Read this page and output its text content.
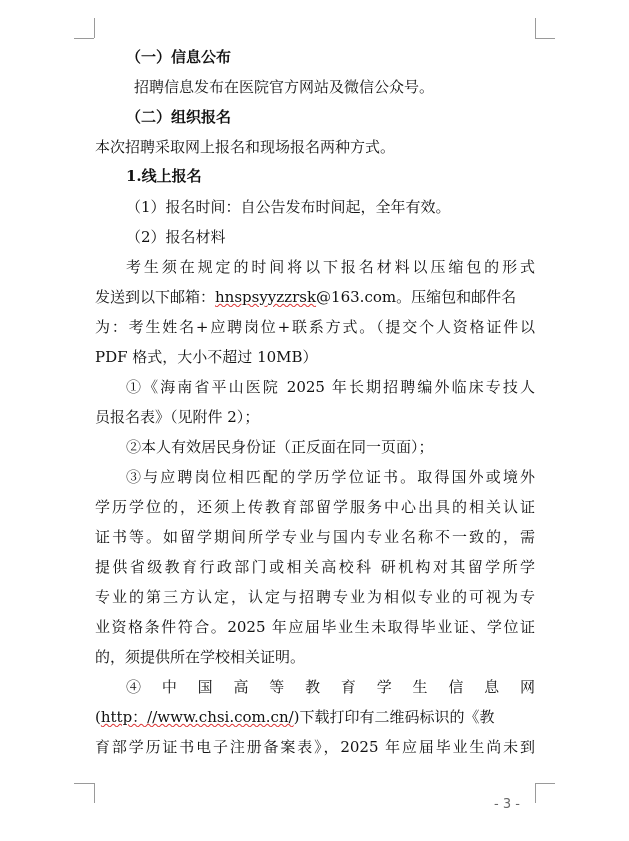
（一）信息公布
招聘信息发布在医院官方网站及微信公众号。
（二）组织报名
本次招聘采取网上报名和现场报名两种方式。
1.线上报名
（1）报名时间：自公告发布时间起，全年有效。
（2）报名材料
考生须在规定的时间将以下报名材料以压缩包的形式
发送到以下邮箱：hnspsyyzzrsk@163.com。压缩包和邮件名
为：考生姓名+应聘岗位+联系方式。（提交个人资格证件以
PDF 格式，大小不超过 10MB）
①《海南省平山医院 2025 年长期招聘编外临床专技人
员报名表》（见附件 2）；
②本人有效居民身份证（正反面在同一页面）；
③与应聘岗位相匹配的学历学位证书。取得国外或境外
学历学位的，还须上传教育部留学服务中心出具的相关认证
证书等。如留学期间所学专业与国内专业名称不一致的，需
提供省级教育行政部门或相关高校科 研机构对其留学所学
专业的第三方认定，认定与招聘专业为相似专业的可视为专
业资格条件符合。2025 年应届毕业生未取得毕业证、学位证
的，须提供所在学校相关证明。
④　中　国　高　等　教　育　学　生　信　息　网
(http：//www.chsi.com.cn/)下载打印有二维码标识的《教
育部学历证书电子注册备案表》，2025 年应届毕业生尚未到
- 3 -
